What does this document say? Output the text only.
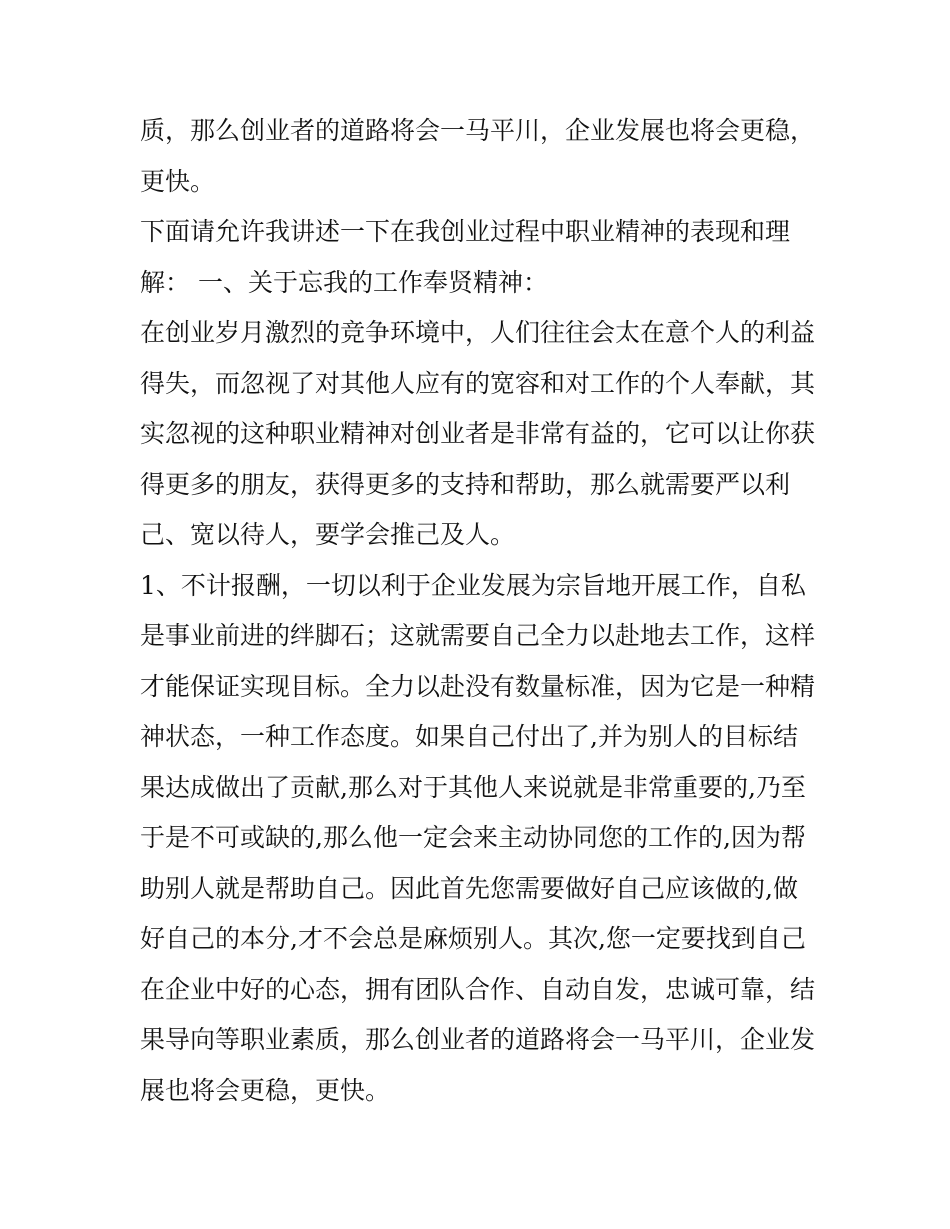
质，那么创业者的道路将会一马平川，企业发展也将会更稳，
更快。

下面请允许我讲述一下在我创业过程中职业精神的表现和理
解： 一、关于忘我的工作奉贤精神：

在创业岁月激烈的竞争环境中，人们往往会太在意个人的利益
得失，而忽视了对其他人应有的宽容和对工作的个人奉献，其
实忽视的这种职业精神对创业者是非常有益的，它可以让你获
得更多的朋友，获得更多的支持和帮助，那么就需要严以利
己、宽以待人，要学会推己及人。

1、不计报酬，一切以利于企业发展为宗旨地开展工作，自私
是事业前进的绊脚石；这就需要自己全力以赴地去工作，这样
才能保证实现目标。全力以赴没有数量标准，因为它是一种精
神状态，一种工作态度。如果自己付出了,并为别人的目标结
果达成做出了贡献,那么对于其他人来说就是非常重要的,乃至
于是不可或缺的,那么他一定会来主动协同您的工作的,因为帮
助别人就是帮助自己。因此首先您需要做好自己应该做的,做
好自己的本分,才不会总是麻烦别人。其次,您一定要找到自己
在企业中好的心态，拥有团队合作、自动自发，忠诚可靠，结
果导向等职业素质，那么创业者的道路将会一马平川，企业发
展也将会更稳，更快。
